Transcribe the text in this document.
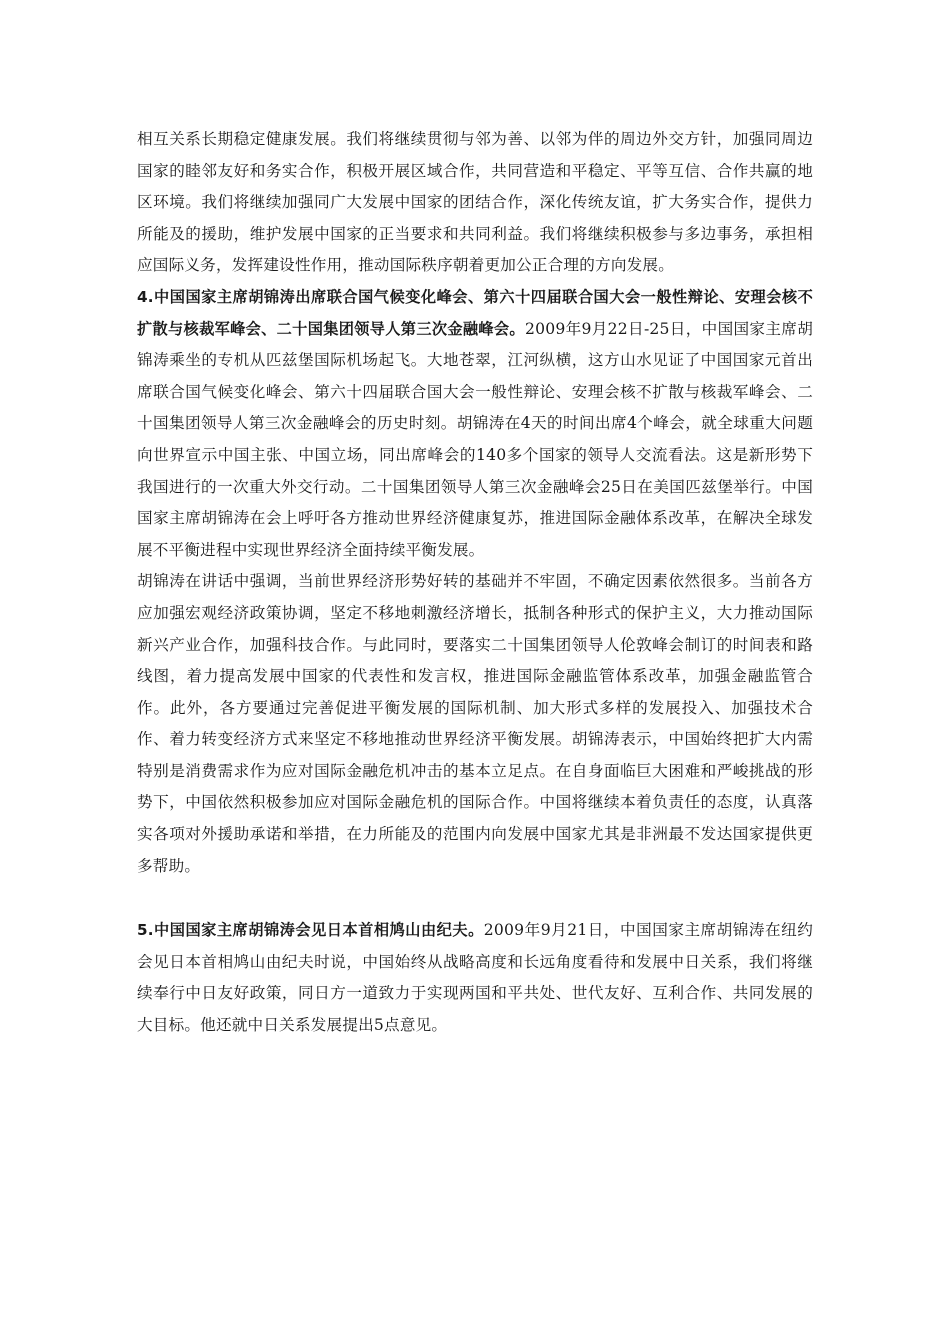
相互关系长期稳定健康发展。我们将继续贯彻与邻为善、以邻为伴的周边外交方针，加强同周边国家的睦邻友好和务实合作，积极开展区域合作，共同营造和平稳定、平等互信、合作共赢的地区环境。我们将继续加强同广大发展中国家的团结合作，深化传统友谊，扩大务实合作，提供力所能及的援助，维护发展中国家的正当要求和共同利益。我们将继续积极参与多边事务，承担相应国际义务，发挥建设性作用，推动国际秩序朝着更加公正合理的方向发展。

4.中国国家主席胡锦涛出席联合国气候变化峰会、第六十四届联合国大会一般性辩论、安理会核不扩散与核裁军峰会、二十国集团领导人第三次金融峰会。2009年9月22日-25日，中国国家主席胡锦涛乘坐的专机从匹兹堡国际机场起飞。大地苍翠，江河纵横，这方山水见证了中国国家元首出席联合国气候变化峰会、第六十四届联合国大会一般性辩论、安理会核不扩散与核裁军峰会、二十国集团领导人第三次金融峰会的历史时刻。胡锦涛在4天的时间出席4个峰会，就全球重大问题向世界宣示中国主张、中国立场，同出席峰会的140多个国家的领导人交流看法。这是新形势下我国进行的一次重大外交行动。二十国集团领导人第三次金融峰会25日在美国匹兹堡举行。中国国家主席胡锦涛在会上呼吁各方推动世界经济健康复苏，推进国际金融体系改革，在解决全球发展不平衡进程中实现世界经济全面持续平衡发展。

胡锦涛在讲话中强调，当前世界经济形势好转的基础并不牢固，不确定因素依然很多。当前各方应加强宏观经济政策协调，坚定不移地刺激经济增长，抵制各种形式的保护主义，大力推动国际新兴产业合作，加强科技合作。与此同时，要落实二十国集团领导人伦敦峰会制订的时间表和路线图，着力提高发展中国家的代表性和发言权，推进国际金融监管体系改革，加强金融监管合作。此外，各方要通过完善促进平衡发展的国际机制、加大形式多样的发展投入、加强技术合作、着力转变经济方式来坚定不移地推动世界经济平衡发展。胡锦涛表示，中国始终把扩大内需特别是消费需求作为应对国际金融危机冲击的基本立足点。在自身面临巨大困难和严峻挑战的形势下，中国依然积极参加应对国际金融危机的国际合作。中国将继续本着负责任的态度，认真落实各项对外援助承诺和举措，在力所能及的范围内向发展中国家尤其是非洲最不发达国家提供更多帮助。

5.中国国家主席胡锦涛会见日本首相鸠山由纪夫。2009年9月21日，中国国家主席胡锦涛在纽约会见日本首相鸠山由纪夫时说，中国始终从战略高度和长远角度看待和发展中日关系，我们将继续奉行中日友好政策，同日方一道致力于实现两国和平共处、世代友好、互利合作、共同发展的大目标。他还就中日关系发展提出5点意见。
